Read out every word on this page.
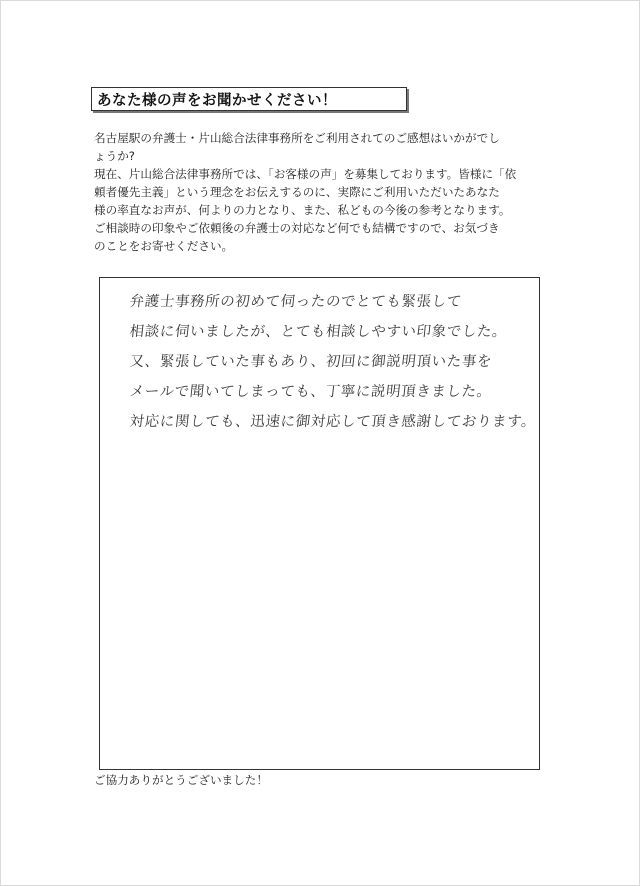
あなた様の声をお聞かせください！
名古屋駅の弁護士・片山総合法律事務所をご利用されてのご感想はいかがでし
ょうか?
現在、片山総合法律事務所では、「お客様の声」を募集しております。皆様に「依
頼者優先主義」という理念をお伝えするのに、実際にご利用いただいたあなた
様の率直なお声が、何よりの力となり、また、私どもの今後の参考となります。
ご相談時の印象やご依頼後の弁護士の対応など何でも結構ですので、お気づき
のことをお寄せください。
弁護士事務所の初めて伺ったのでとても緊張して
相談に伺いましたが、とても相談しやすい印象でした。
又、緊張していた事もあり、初回に御説明頂いた事を
メールで聞いてしまっても、丁寧に説明頂きました。
対応に関しても、迅速に御対応して頂き感謝しております。
ご協力ありがとうございました！
